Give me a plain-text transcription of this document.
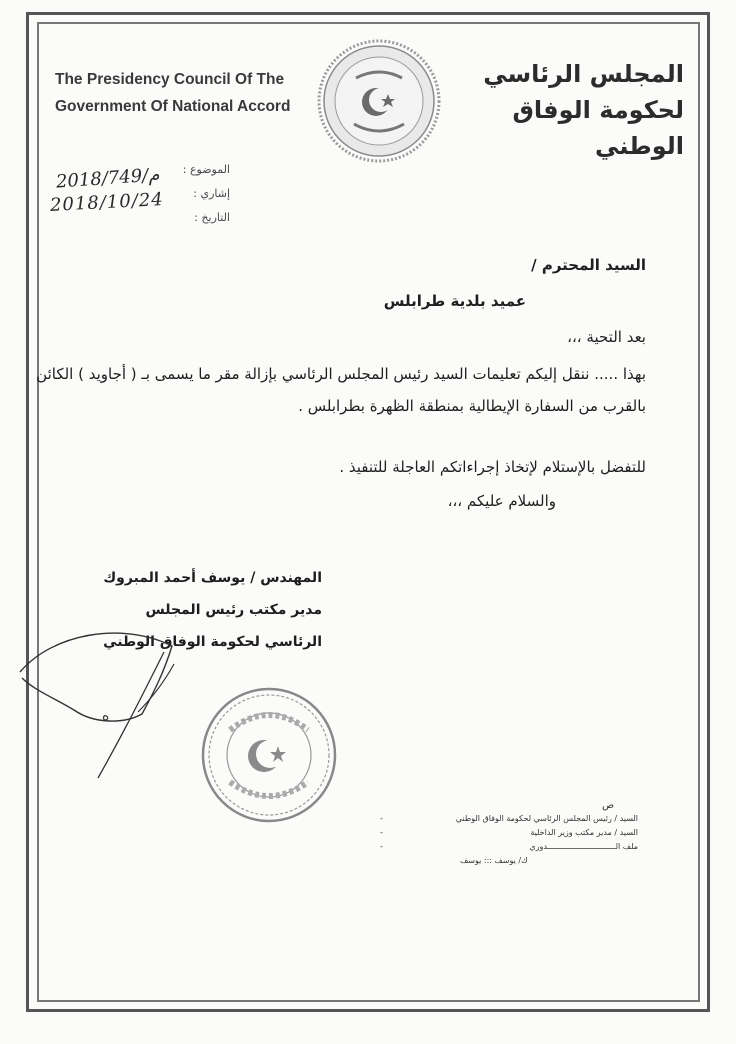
The Presidency Council Of The
Government Of National Accord
المجلس الرئاسي
لحكومة الوفاق الوطني
الموضوع :
إشاري :
التاريخ :
2018/749/م
2018/10/24
السيد المحترم /
عميد بلدية طرابلس
بعد التحية ،،،
بهذا ..... ننقل إليكم تعليمات السيد رئيس المجلس الرئاسي بإزالة مقر ما يسمى بـ ( أجاويد ) الكائن بالقرب من السفارة الإيطالية بمنطقة الظهرة بطرابلس .
للتفضل بالإستلام لإتخاذ إجراءاتكم العاجلة للتنفيذ .
والسلام عليكم ،،،
المهندس / يوسف أحمد المبروك
مدير مكتب رئيس المجلس
الرئاسي لحكومة الوفاق الوطني
ه
ص
السيد / رئيس المجلس الرئاسي لحكومة الوفاق الوطني
-
السيد / مدير مكتب وزير الداخلية
-
ملف الـــــــــــــــــــــــــــــدوري
-
ك/ يوسف ::: يوسف
